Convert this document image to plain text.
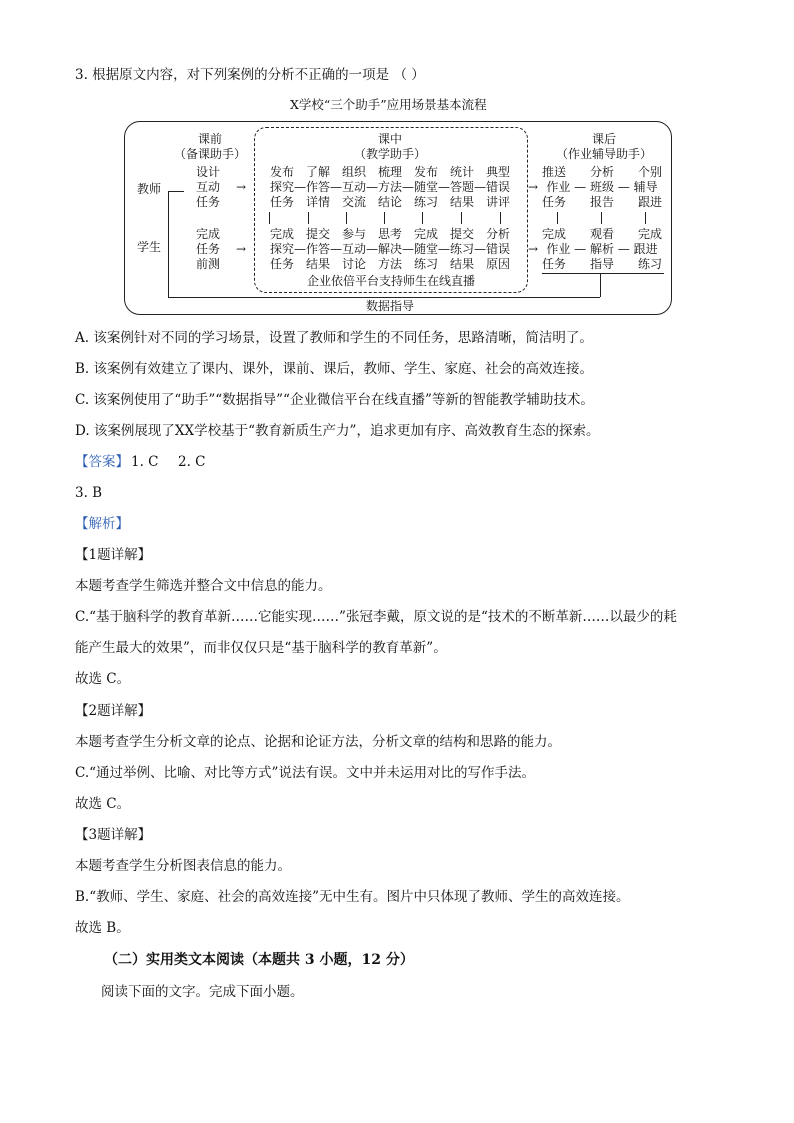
3. 根据原文内容，对下列案例的分析不正确的一项是 （ ）
X学校“三个助手”应用场景基本流程
课前
（备课助手）
课中
（教学助手）
课后
（作业辅导助手）
教师
学生
设计
互动
任务
完成
任务
前测
发布　了解　组织　梳理　发布　统计　典型
探究—作答—互动—方法—随堂—答题—错误
任务　详情　交流　结论　练习　结果　讲评
完成　提交　参与　思考　完成　提交　分析
探究—作答—互动—解决—随堂—练习—错误
任务　结果　讨论　方法　练习　结果　原因
推送　　分析　　个别
作业 — 班级 — 辅导
任务　　报告　　跟进
完成　　观看　　完成
作业 — 解析 — 跟进
任务　　指导　　练习
→
→
→
→
企业依倍平台支持师生在线直播
数据指导
A. 该案例针对不同的学习场景，设置了教师和学生的不同任务，思路清晰，简洁明了。
B. 该案例有效建立了课内、课外，课前、课后，教师、学生、家庭、社会的高效连接。
C. 该案例使用了“助手”“数据指导”“企业微信平台在线直播”等新的智能教学辅助技术。
D. 该案例展现了XX学校基于“教育新质生产力”，追求更加有序、高效教育生态的探索。
【答案】 1. C 2. C
3. B
【解析】
【1题详解】
本题考查学生筛选并整合文中信息的能力。
C.“基于脑科学的教育革新……它能实现……”张冠李戴，原文说的是“技术的不断革新……以最少的耗
能产生最大的效果”，而非仅仅只是“基于脑科学的教育革新”。
故选 C。
【2题详解】
本题考查学生分析文章的论点、论据和论证方法，分析文章的结构和思路的能力。
C.“通过举例、比喻、对比等方式”说法有误。文中并未运用对比的写作手法。
故选 C。
【3题详解】
本题考查学生分析图表信息的能力。
B.“教师、学生、家庭、社会的高效连接”无中生有。图片中只体现了教师、学生的高效连接。
故选 B。
（二）实用类文本阅读（本题共 3 小题，12 分）
阅读下面的文字。完成下面小题。
